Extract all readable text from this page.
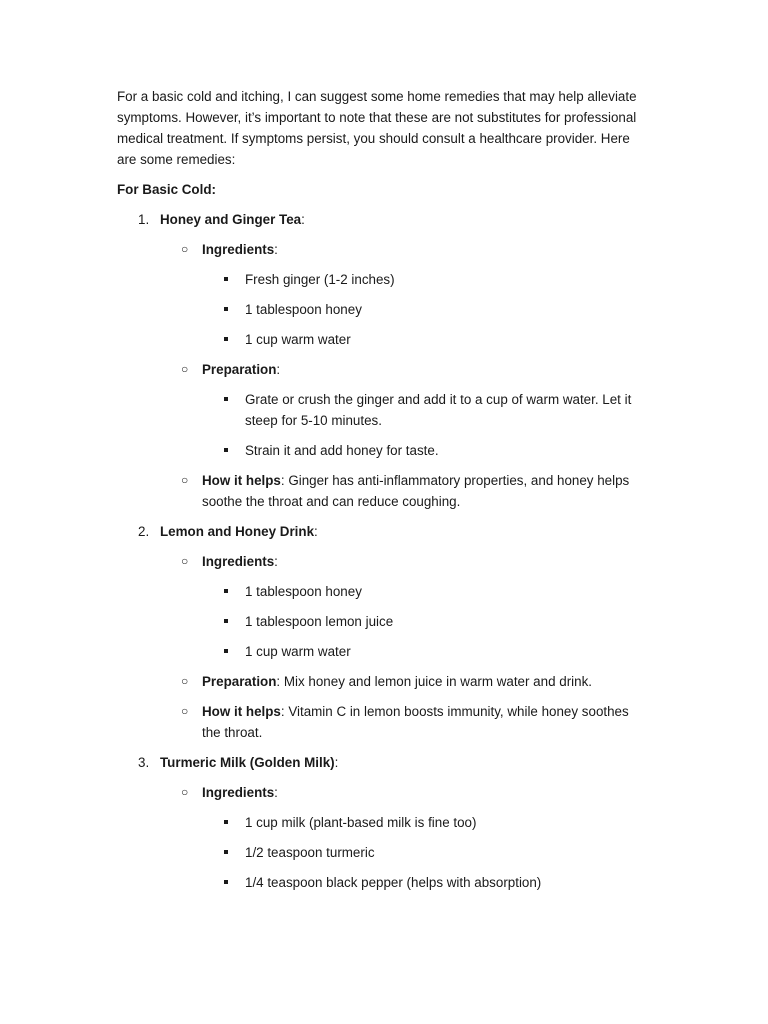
For a basic cold and itching, I can suggest some home remedies that may help alleviate symptoms. However, it’s important to note that these are not substitutes for professional medical treatment. If symptoms persist, you should consult a healthcare provider. Here are some remedies:

For Basic Cold:

1. Honey and Ginger Tea:
○ Ingredients:
Fresh ginger (1-2 inches)
1 tablespoon honey
1 cup warm water
○ Preparation:
Grate or crush the ginger and add it to a cup of warm water. Let it steep for 5-10 minutes.
Strain it and add honey for taste.
○ How it helps: Ginger has anti-inflammatory properties, and honey helps soothe the throat and can reduce coughing.
2. Lemon and Honey Drink:
○ Ingredients:
1 tablespoon honey
1 tablespoon lemon juice
1 cup warm water
○ Preparation: Mix honey and lemon juice in warm water and drink.
○ How it helps: Vitamin C in lemon boosts immunity, while honey soothes the throat.
3. Turmeric Milk (Golden Milk):
○ Ingredients:
1 cup milk (plant-based milk is fine too)
1/2 teaspoon turmeric
1/4 teaspoon black pepper (helps with absorption)
